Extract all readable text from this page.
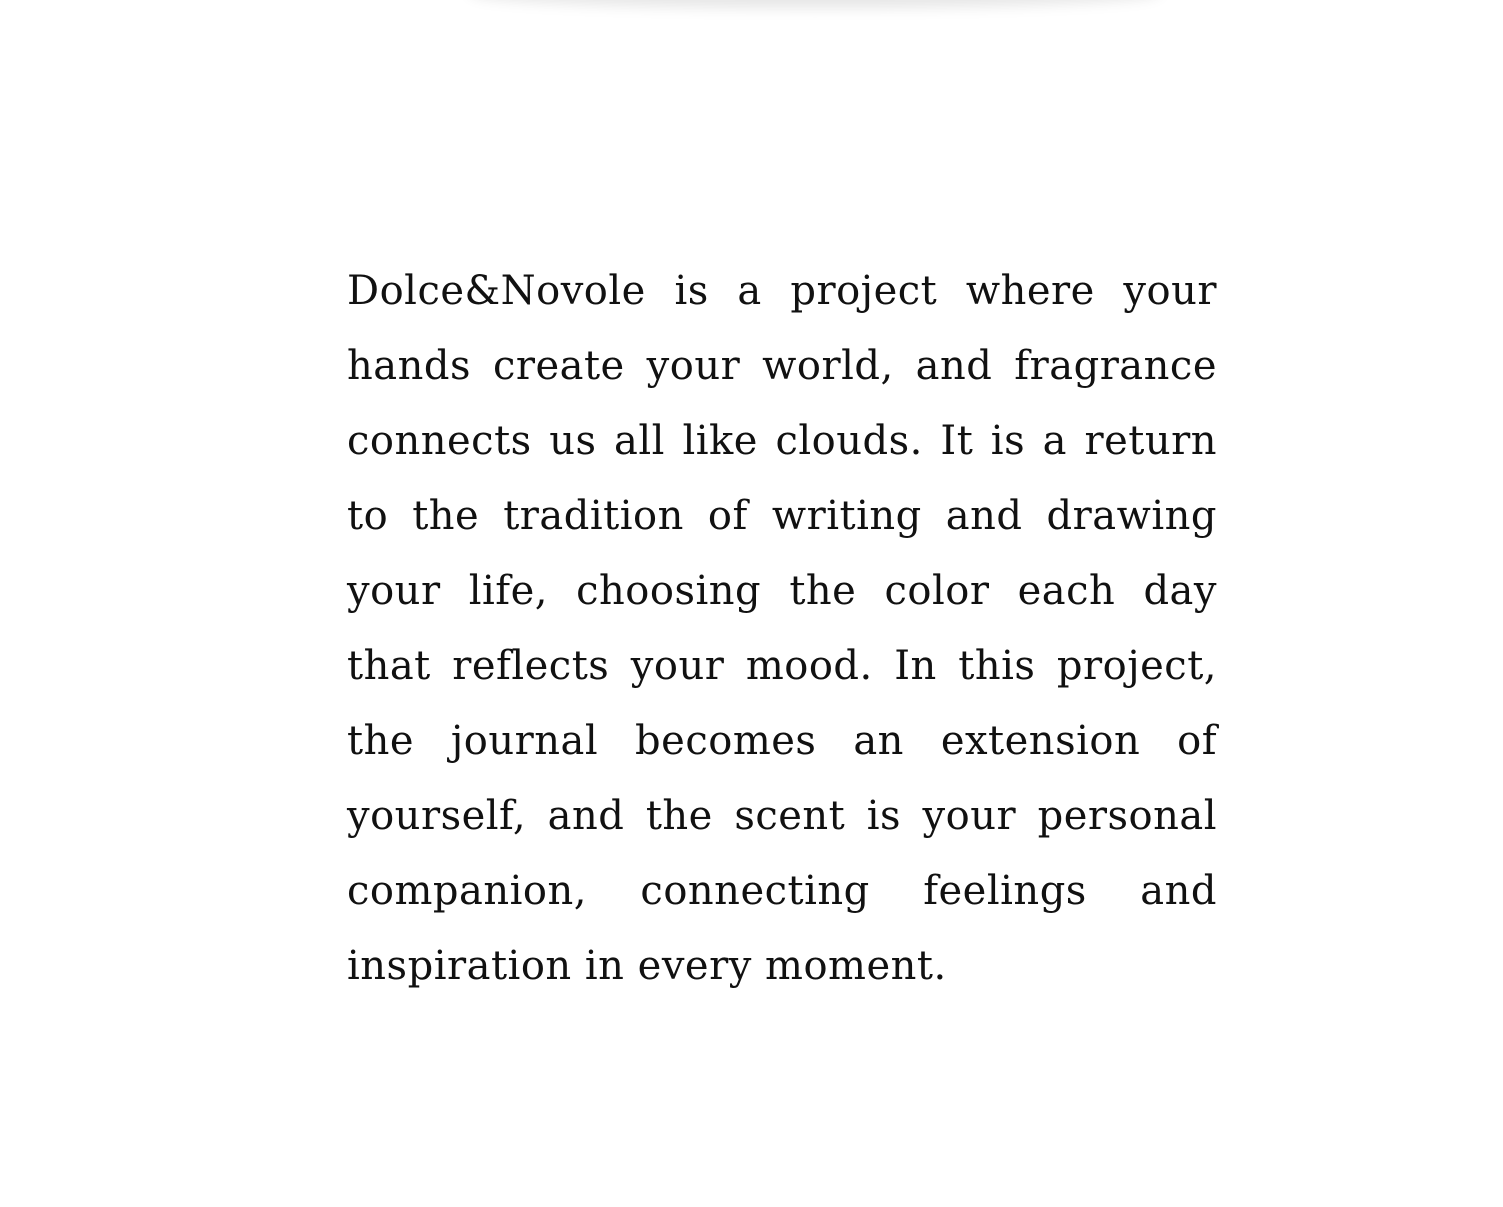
Dolce&Novole is a project where your hands create your world, and fragrance connects us all like clouds. It is a return to the tradition of writing and drawing your life, choosing the color each day that reflects your mood. In this project, the journal becomes an extension of yourself, and the scent is your personal companion, connecting feelings and inspiration in every moment.
